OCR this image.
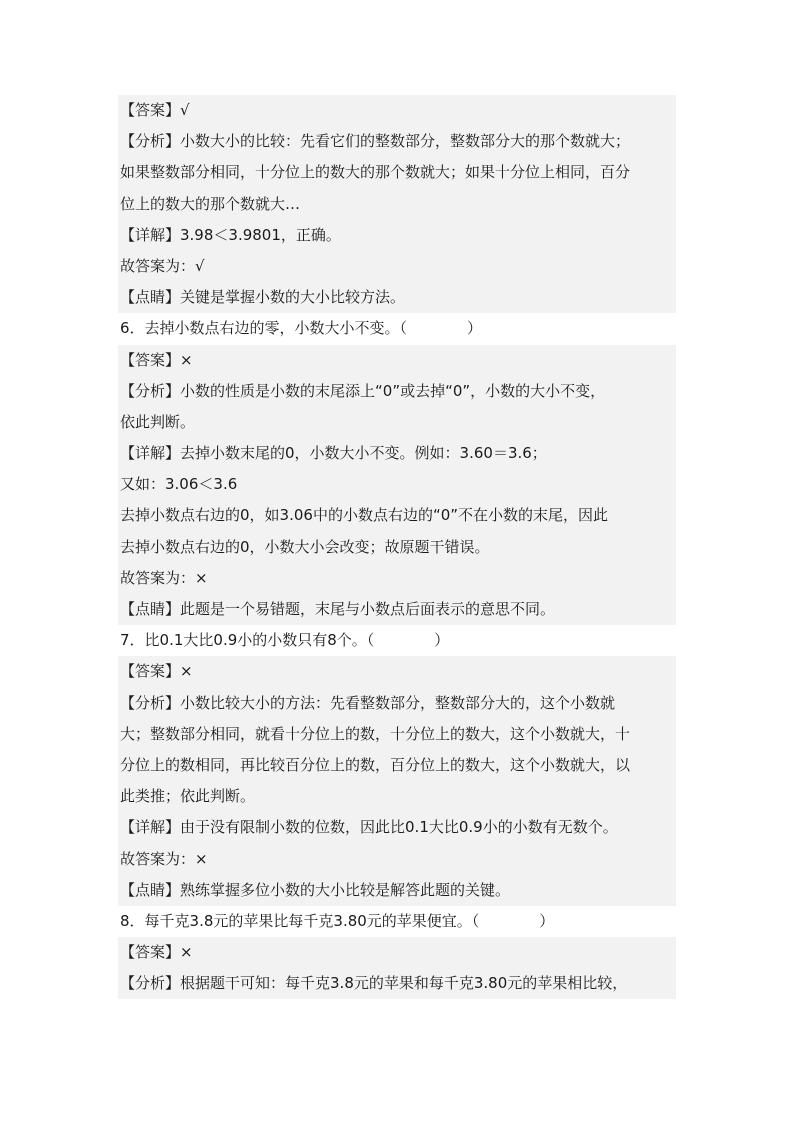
【答案】√
【分析】小数大小的比较：先看它们的整数部分，整数部分大的那个数就大；
如果整数部分相同，十分位上的数大的那个数就大；如果十分位上相同，百分
位上的数大的那个数就大…
【详解】3.98＜3.9801，正确。
故答案为：√
【点睛】关键是掌握小数的大小比较方法。
6．去掉小数点右边的零，小数大小不变。（　　　　）
【答案】×
【分析】小数的性质是小数的末尾添上“0”或去掉“0”，小数的大小不变，
依此判断。
【详解】去掉小数末尾的0，小数大小不变。例如：3.60＝3.6；
又如：3.06＜3.6
去掉小数点右边的0，如3.06中的小数点右边的“0”不在小数的末尾，因此
去掉小数点右边的0，小数大小会改变；故原题干错误。
故答案为：×
【点睛】此题是一个易错题，末尾与小数点后面表示的意思不同。
7．比0.1大比0.9小的小数只有8个。（　　　　）
【答案】×
【分析】小数比较大小的方法：先看整数部分，整数部分大的，这个小数就
大；整数部分相同，就看十分位上的数，十分位上的数大，这个小数就大，十
分位上的数相同，再比较百分位上的数，百分位上的数大，这个小数就大，以
此类推；依此判断。
【详解】由于没有限制小数的位数，因此比0.1大比0.9小的小数有无数个。
故答案为：×
【点睛】熟练掌握多位小数的大小比较是解答此题的关键。
8．每千克3.8元的苹果比每千克3.80元的苹果便宜。（　　　　）
【答案】×
【分析】根据题干可知：每千克3.8元的苹果和每千克3.80元的苹果相比较，
